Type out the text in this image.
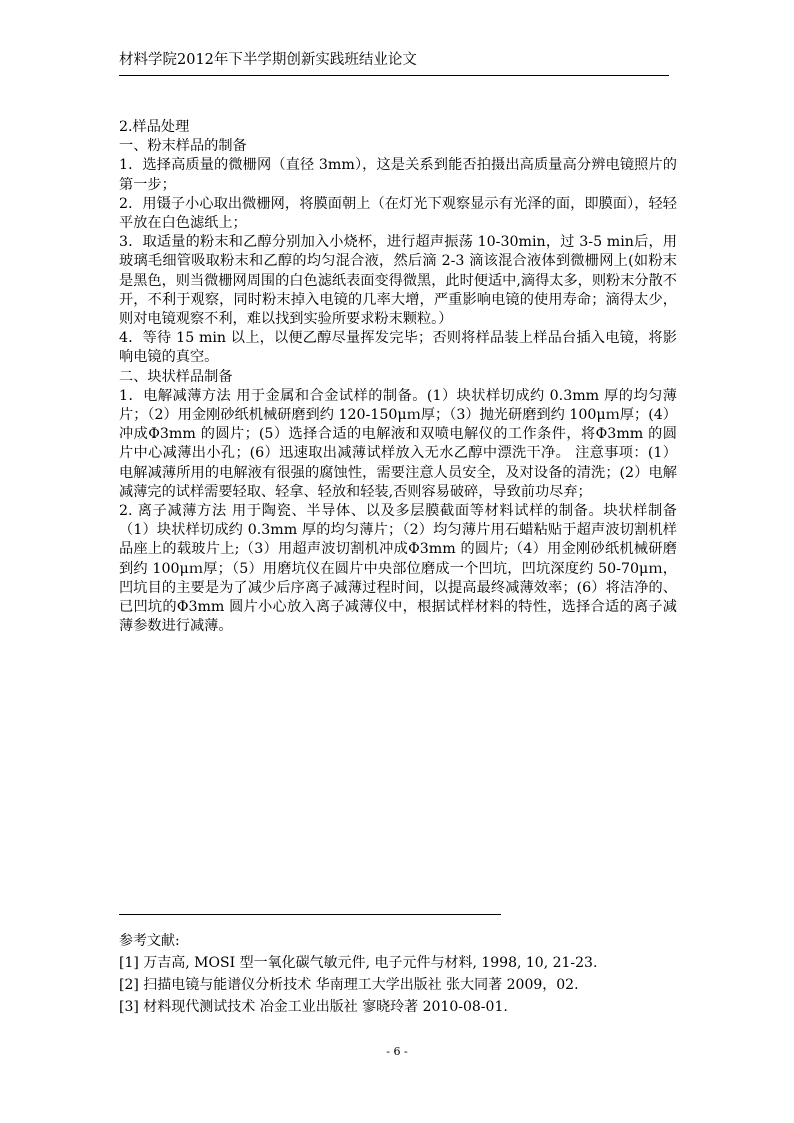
材料学院2012年下半学期创新实践班结业论文

2.样品处理

一、粉末样品的制备

1．选择高质量的微栅网（直径 3mm），这是关系到能否拍摄出高质量高分辨电镜照片的第一步；

2．用镊子小心取出微栅网，将膜面朝上（在灯光下观察显示有光泽的面，即膜面），轻轻平放在白色滤纸上；

3．取适量的粉末和乙醇分别加入小烧杯，进行超声振荡 10-30min，过 3-5 min后，用玻璃毛细管吸取粉末和乙醇的均匀混合液，然后滴 2-3 滴该混合液体到微栅网上(如粉末是黑色，则当微栅网周围的白色滤纸表面变得微黑，此时便适中,滴得太多，则粉末分散不开，不利于观察，同时粉末掉入电镜的几率大增，严重影响电镜的使用寿命；滴得太少，则对电镜观察不利，难以找到实验所要求粉末颗粒。）

4．等待 15 min 以上，以便乙醇尽量挥发完毕；否则将样品装上样品台插入电镜，将影响电镜的真空。

二、块状样品制备

1．电解减薄方法 用于金属和合金试样的制备。(1）块状样切成约 0.3mm 厚的均匀薄片；（2）用金刚砂纸机械研磨到约 120-150μｍ厚；（3）抛光研磨到约 100μｍ厚；(4）冲成Φ3mm 的圆片；(5）选择合适的电解液和双喷电解仪的工作条件，将Φ3mm 的圆片中心减薄出小孔；(6）迅速取出减薄试样放入无水乙醇中漂洗干净。 注意事项：(1）电解减薄所用的电解液有很强的腐蚀性，需要注意人员安全，及对设备的清洗；(2）电解减薄完的试样需要轻取、轻拿、轻放和轻装,否则容易破碎，导致前功尽弃；

2. 离子减薄方法 用于陶瓷、半导体、以及多层膜截面等材料试样的制备。块状样制备（1）块状样切成约 0.3mm 厚的均匀薄片；（2）均匀薄片用石蜡粘贴于超声波切割机样品座上的载玻片上;（3）用超声波切割机冲成Φ3mm 的圆片;（4）用金刚砂纸机械研磨到约 100μｍ厚；（5）用磨坑仪在圆片中央部位磨成一个凹坑，凹坑深度约 50-70μｍ，凹坑目的主要是为了减少后序离子减薄过程时间，以提高最终减薄效率；(6）将洁净的、已凹坑的Φ3mm 圆片小心放入离子减薄仪中，根据试样材料的特性，选择合适的离子减薄参数进行减薄。

参考文献:

[1] 万吉高, MOSI 型一氧化碳气敏元件, 电子元件与材料, 1998, 10, 21-23.

[2] 扫描电镜与能谱仪分析技术 华南理工大学出版社 张大同著 2009，02.

[3] 材料现代测试技术 冶金工业出版社 寥晓玲著 2010-08-01.

- 6 -
